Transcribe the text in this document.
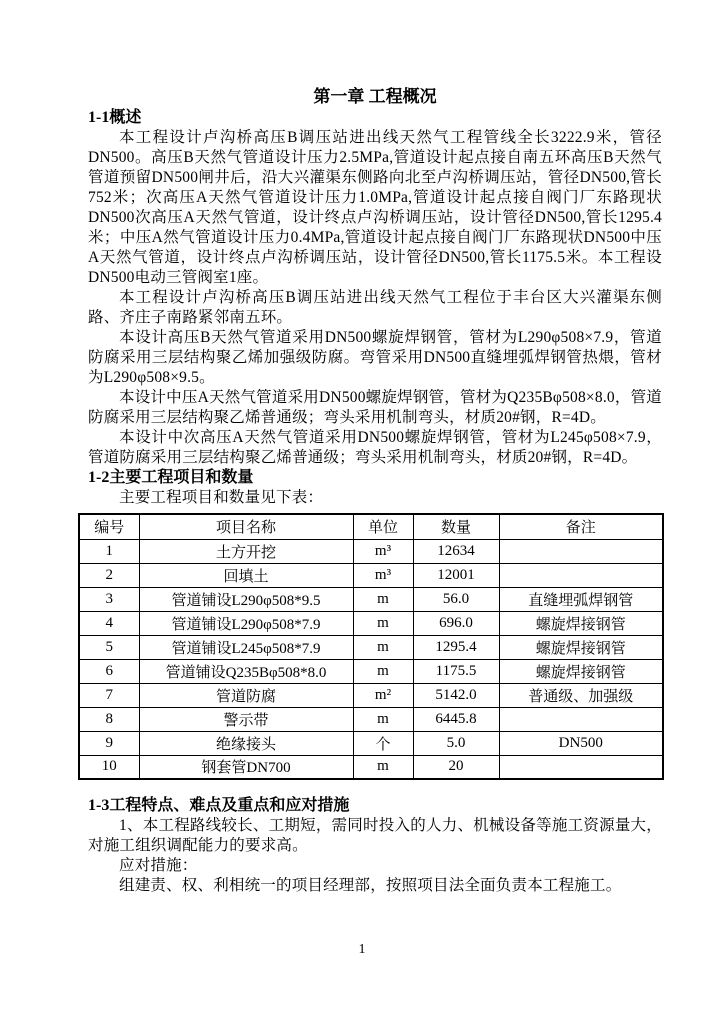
第一章 工程概况
1-1概述

本工程设计卢沟桥高压B调压站进出线天然气工程管线全长3222.9米，管径DN500。高压B天然气管道设计压力2.5MPa,管道设计起点接自南五环高压B天然气管道预留DN500闸井后，沿大兴灌渠东侧路向北至卢沟桥调压站，管径DN500,管长752米；次高压A天然气管道设计压力1.0MPa,管道设计起点接自阀门厂东路现状DN500次高压A天然气管道，设计终点卢沟桥调压站，设计管径DN500,管长1295.4米；中压A然气管道设计压力0.4MPa,管道设计起点接自阀门厂东路现状DN500中压A天然气管道，设计终点卢沟桥调压站，设计管径DN500,管长1175.5米。本工程设DN500电动三管阀室1座。

本工程设计卢沟桥高压B调压站进出线天然气工程位于丰台区大兴灌渠东侧路、齐庄子南路紧邻南五环。

本设计高压B天然气管道采用DN500螺旋焊钢管，管材为L290φ508×7.9，管道防腐采用三层结构聚乙烯加强级防腐。弯管采用DN500直缝埋弧焊钢管热煨，管材为L290φ508×9.5。

本设计中压A天然气管道采用DN500螺旋焊钢管，管材为Q235Bφ508×8.0，管道防腐采用三层结构聚乙烯普通级；弯头采用机制弯头，材质20#钢，R=4D。

本设计中次高压A天然气管道采用DN500螺旋焊钢管，管材为L245φ508×7.9，管道防腐采用三层结构聚乙烯普通级；弯头采用机制弯头，材质20#钢，R=4D。

1-2主要工程项目和数量

主要工程项目和数量见下表：

编号	项目名称	单位	数量	备注
1	土方开挖	m³	12634	
2	回填土	m³	12001	
3	管道铺设L290φ508*9.5	m	56.0	直缝埋弧焊钢管
4	管道铺设L290φ508*7.9	m	696.0	螺旋焊接钢管
5	管道铺设L245φ508*7.9	m	1295.4	螺旋焊接钢管
6	管道铺设Q235Bφ508*8.0	m	1175.5	螺旋焊接钢管
7	管道防腐	m²	5142.0	普通级、加强级
8	警示带	m	6445.8	
9	绝缘接头	个	5.0	DN500
10	钢套管DN700	m	20	
1-3工程特点、难点及重点和应对措施

1、本工程路线较长、工期短，需同时投入的人力、机械设备等施工资源量大，对施工组织调配能力的要求高。

应对措施：

组建责、权、利相统一的项目经理部，按照项目法全面负责本工程施工。

1
